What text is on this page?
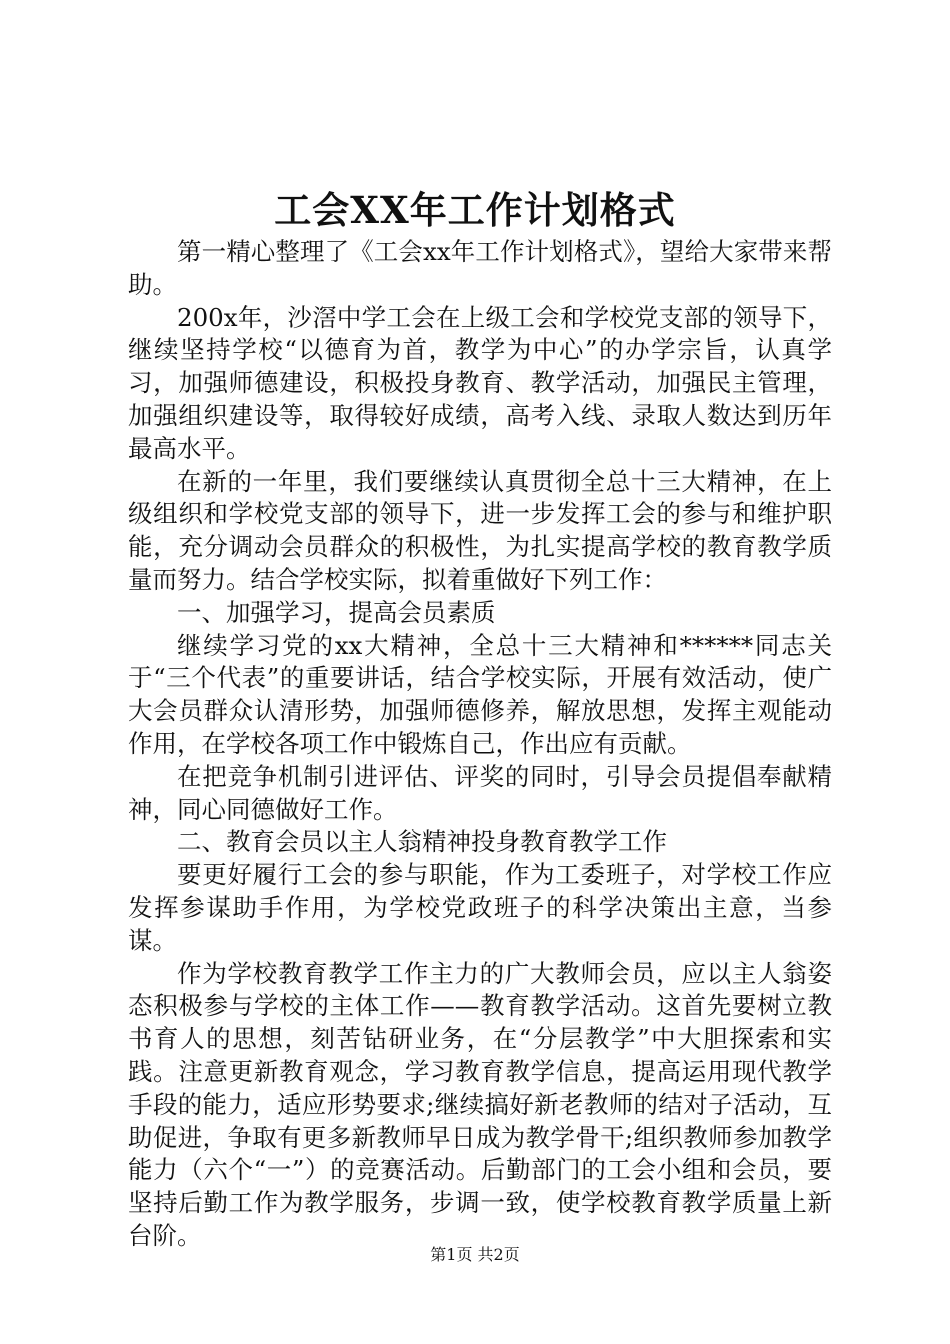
工会XX年工作计划格式

第一精心整理了《工会xx年工作计划格式》，望给大家带来帮助。

200x年，沙滘中学工会在上级工会和学校党支部的领导下，继续坚持学校“以德育为首，教学为中心”的办学宗旨，认真学习，加强师德建设，积极投身教育、教学活动，加强民主管理，加强组织建设等，取得较好成绩，高考入线、录取人数达到历年最高水平。

在新的一年里，我们要继续认真贯彻全总十三大精神，在上级组织和学校党支部的领导下，进一步发挥工会的参与和维护职能，充分调动会员群众的积极性，为扎实提高学校的教育教学质量而努力。结合学校实际，拟着重做好下列工作：

一、加强学习，提高会员素质

继续学习党的xx大精神，全总十三大精神和******同志关于“三个代表”的重要讲话，结合学校实际，开展有效活动，使广大会员群众认清形势，加强师德修养，解放思想，发挥主观能动作用，在学校各项工作中锻炼自己，作出应有贡献。

在把竞争机制引进评估、评奖的同时，引导会员提倡奉献精神，同心同德做好工作。

二、教育会员以主人翁精神投身教育教学工作

要更好履行工会的参与职能，作为工委班子，对学校工作应发挥参谋助手作用，为学校党政班子的科学决策出主意，当参谋。

作为学校教育教学工作主力的广大教师会员，应以主人翁姿态积极参与学校的主体工作——教育教学活动。这首先要树立教书育人的思想，刻苦钻研业务，在“分层教学”中大胆探索和实践。注意更新教育观念，学习教育教学信息，提高运用现代教学手段的能力，适应形势要求;继续搞好新老教师的结对子活动，互助促进，争取有更多新教师早日成为教学骨干;组织教师参加教学能力（六个“一”）的竞赛活动。后勤部门的工会小组和会员，要坚持后勤工作为教学服务，步调一致，使学校教育教学质量上新台阶。

第1页 共2页
